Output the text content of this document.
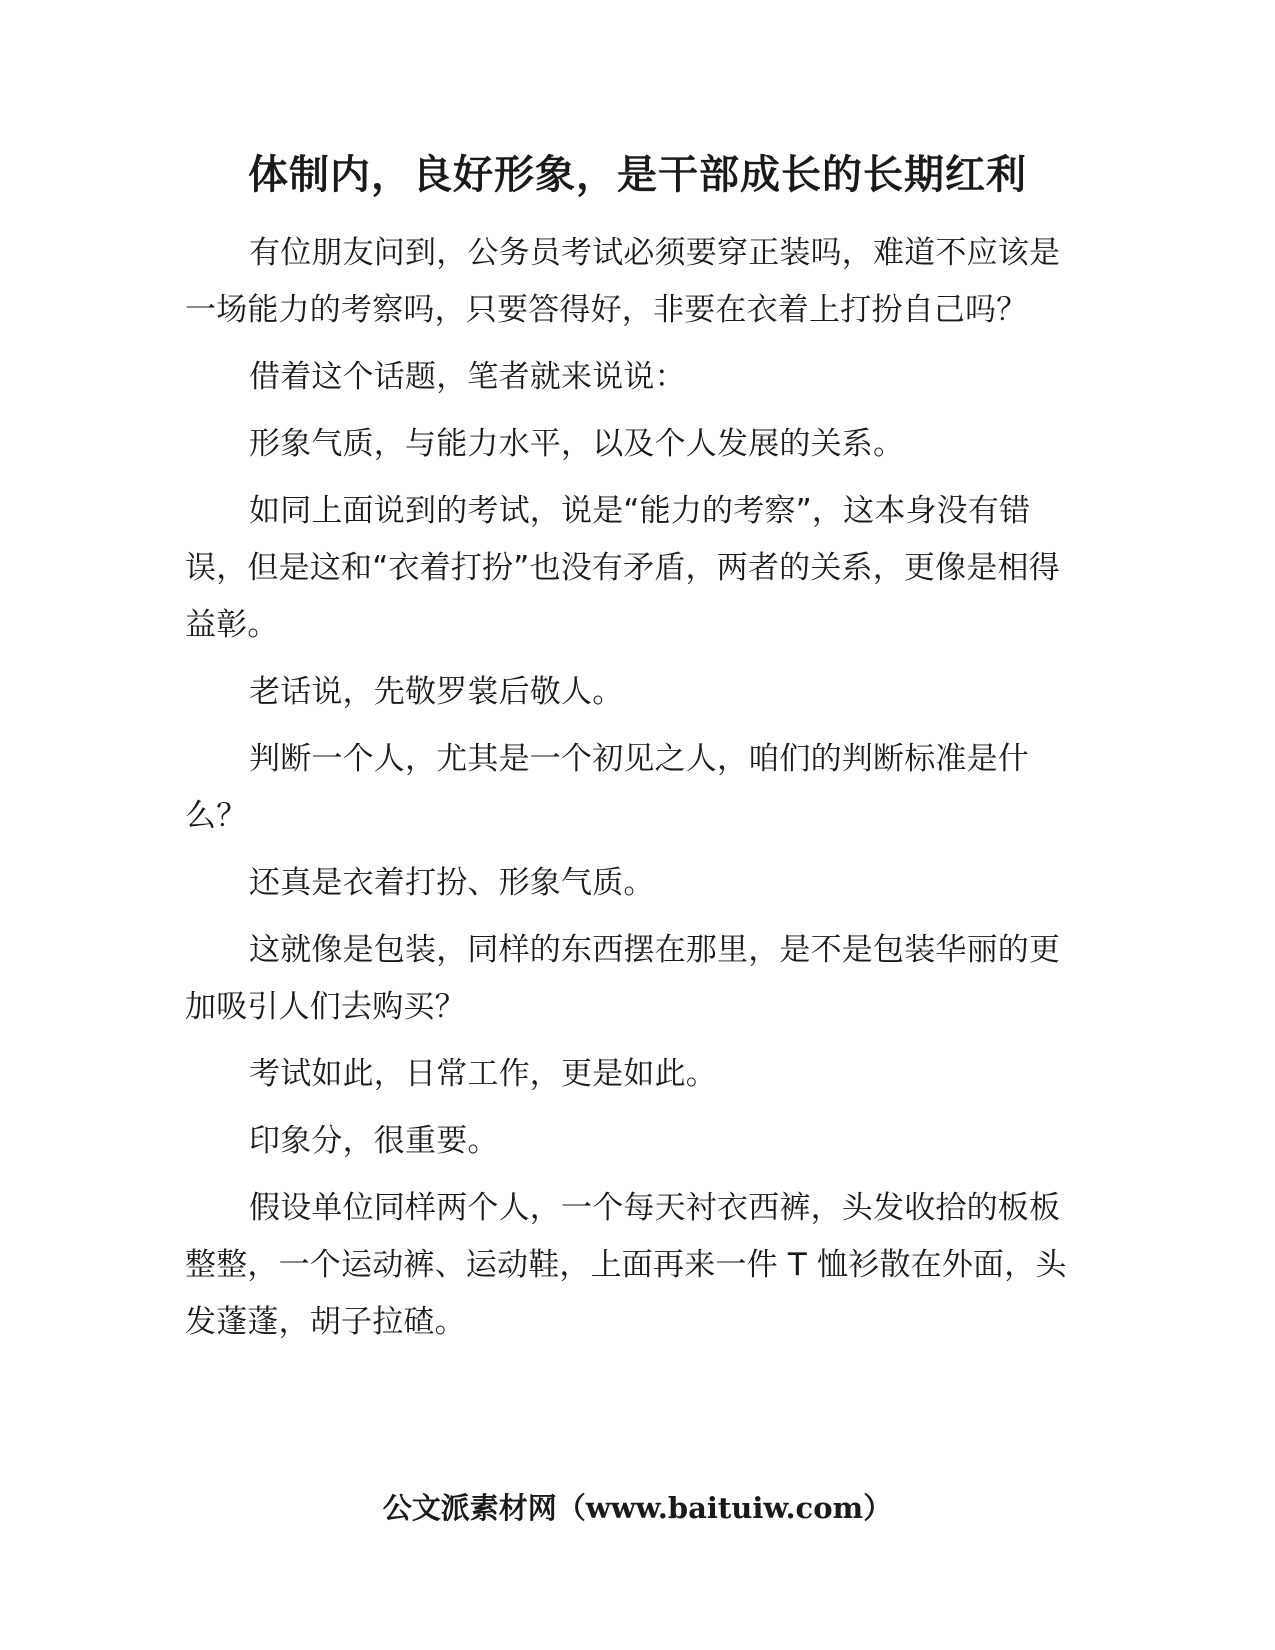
体制内，良好形象，是干部成长的长期红利

有位朋友问到，公务员考试必须要穿正装吗，难道不应该是一场能力的考察吗，只要答得好，非要在衣着上打扮自己吗？

借着这个话题，笔者就来说说：

形象气质，与能力水平，以及个人发展的关系。

如同上面说到的考试，说是“能力的考察”，这本身没有错误，但是这和“衣着打扮”也没有矛盾，两者的关系，更像是相得益彰。

老话说，先敬罗裳后敬人。

判断一个人，尤其是一个初见之人，咱们的判断标准是什么？

还真是衣着打扮、形象气质。

这就像是包装，同样的东西摆在那里，是不是包装华丽的更加吸引人们去购买？

考试如此，日常工作，更是如此。

印象分，很重要。

假设单位同样两个人，一个每天衬衣西裤，头发收拾的板板整整，一个运动裤、运动鞋，上面再来一件 T 恤衫散在外面，头发蓬蓬，胡子拉碴。

公文派素材网（www.baituiw.com）
